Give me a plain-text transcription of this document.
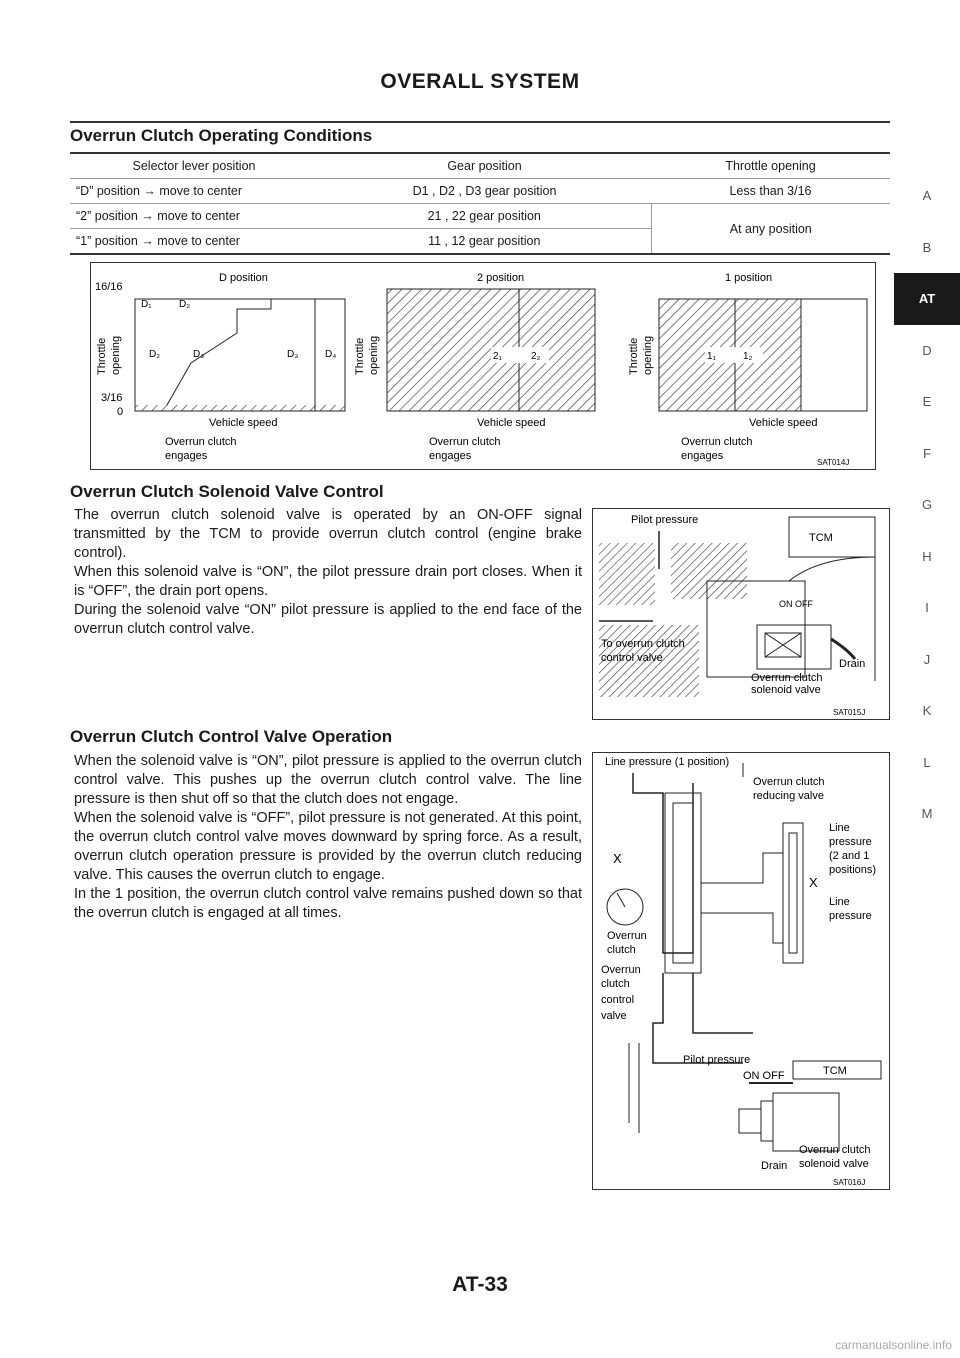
OVERALL SYSTEM
Overrun Clutch Operating Conditions
Selector lever position	Gear position	Throttle opening
“D” position → move to center	D1 , D2 , D3 gear position	Less than 3/16
“2” position → move to center	21 , 22 gear position	At any position
“1” position → move to center	11 , 12 gear position	
D position
16/16
3/16
0
Throttle opening
D₁	D₂
D₂	D₃	D₃	D₄
Vehicle speed
Overrun clutch
engages
2 position
Throttle opening	2₁	2₂
Vehicle speed
Overrun clutch
engages
1 position
Throttle opening	1₁	1₂
Vehicle speed
Overrun clutch
engages
SAT014J
Overrun Clutch Solenoid Valve Control

The overrun clutch solenoid valve is operated by an ON-OFF signal transmitted by the TCM to provide overrun clutch control (engine brake control).

When this solenoid valve is “ON”, the pilot pressure drain port closes. When it is “OFF”, the drain port opens.

During the solenoid valve “ON” pilot pressure is applied to the end face of the overrun clutch control valve.

Pilot pressure
TCM
ON OFF
To overrun clutch
control valve	Drain
Overrun clutch
solenoid valve
SAT015J
Overrun Clutch Control Valve Operation

When the solenoid valve is “ON”, pilot pressure is applied to the overrun clutch control valve. This pushes up the overrun clutch control valve. The line pressure is then shut off so that the clutch does not engage.

When the solenoid valve is “OFF”, pilot pressure is not generated. At this point, the overrun clutch control valve moves downward by spring force. As a result, overrun clutch operation pressure is provided by the overrun clutch reducing valve. This causes the overrun clutch to engage.

In the 1 position, the overrun clutch control valve remains pushed down so that the overrun clutch is engaged at all times.

Line pressure (1 position)
Overrun clutch
reducing valve
Line
pressure
(2 and 1
positions)
Line
pressure
X
X
Overrun
clutch
Overrun
clutch
control
valve
Pilot pressure
ON OFF	TCM
Overrun clutch
solenoid valve
Drain
SAT016J
A
B
AT
D
E
F
G
H
I
J
K
L
M
AT-33
carmanualsonline.info
